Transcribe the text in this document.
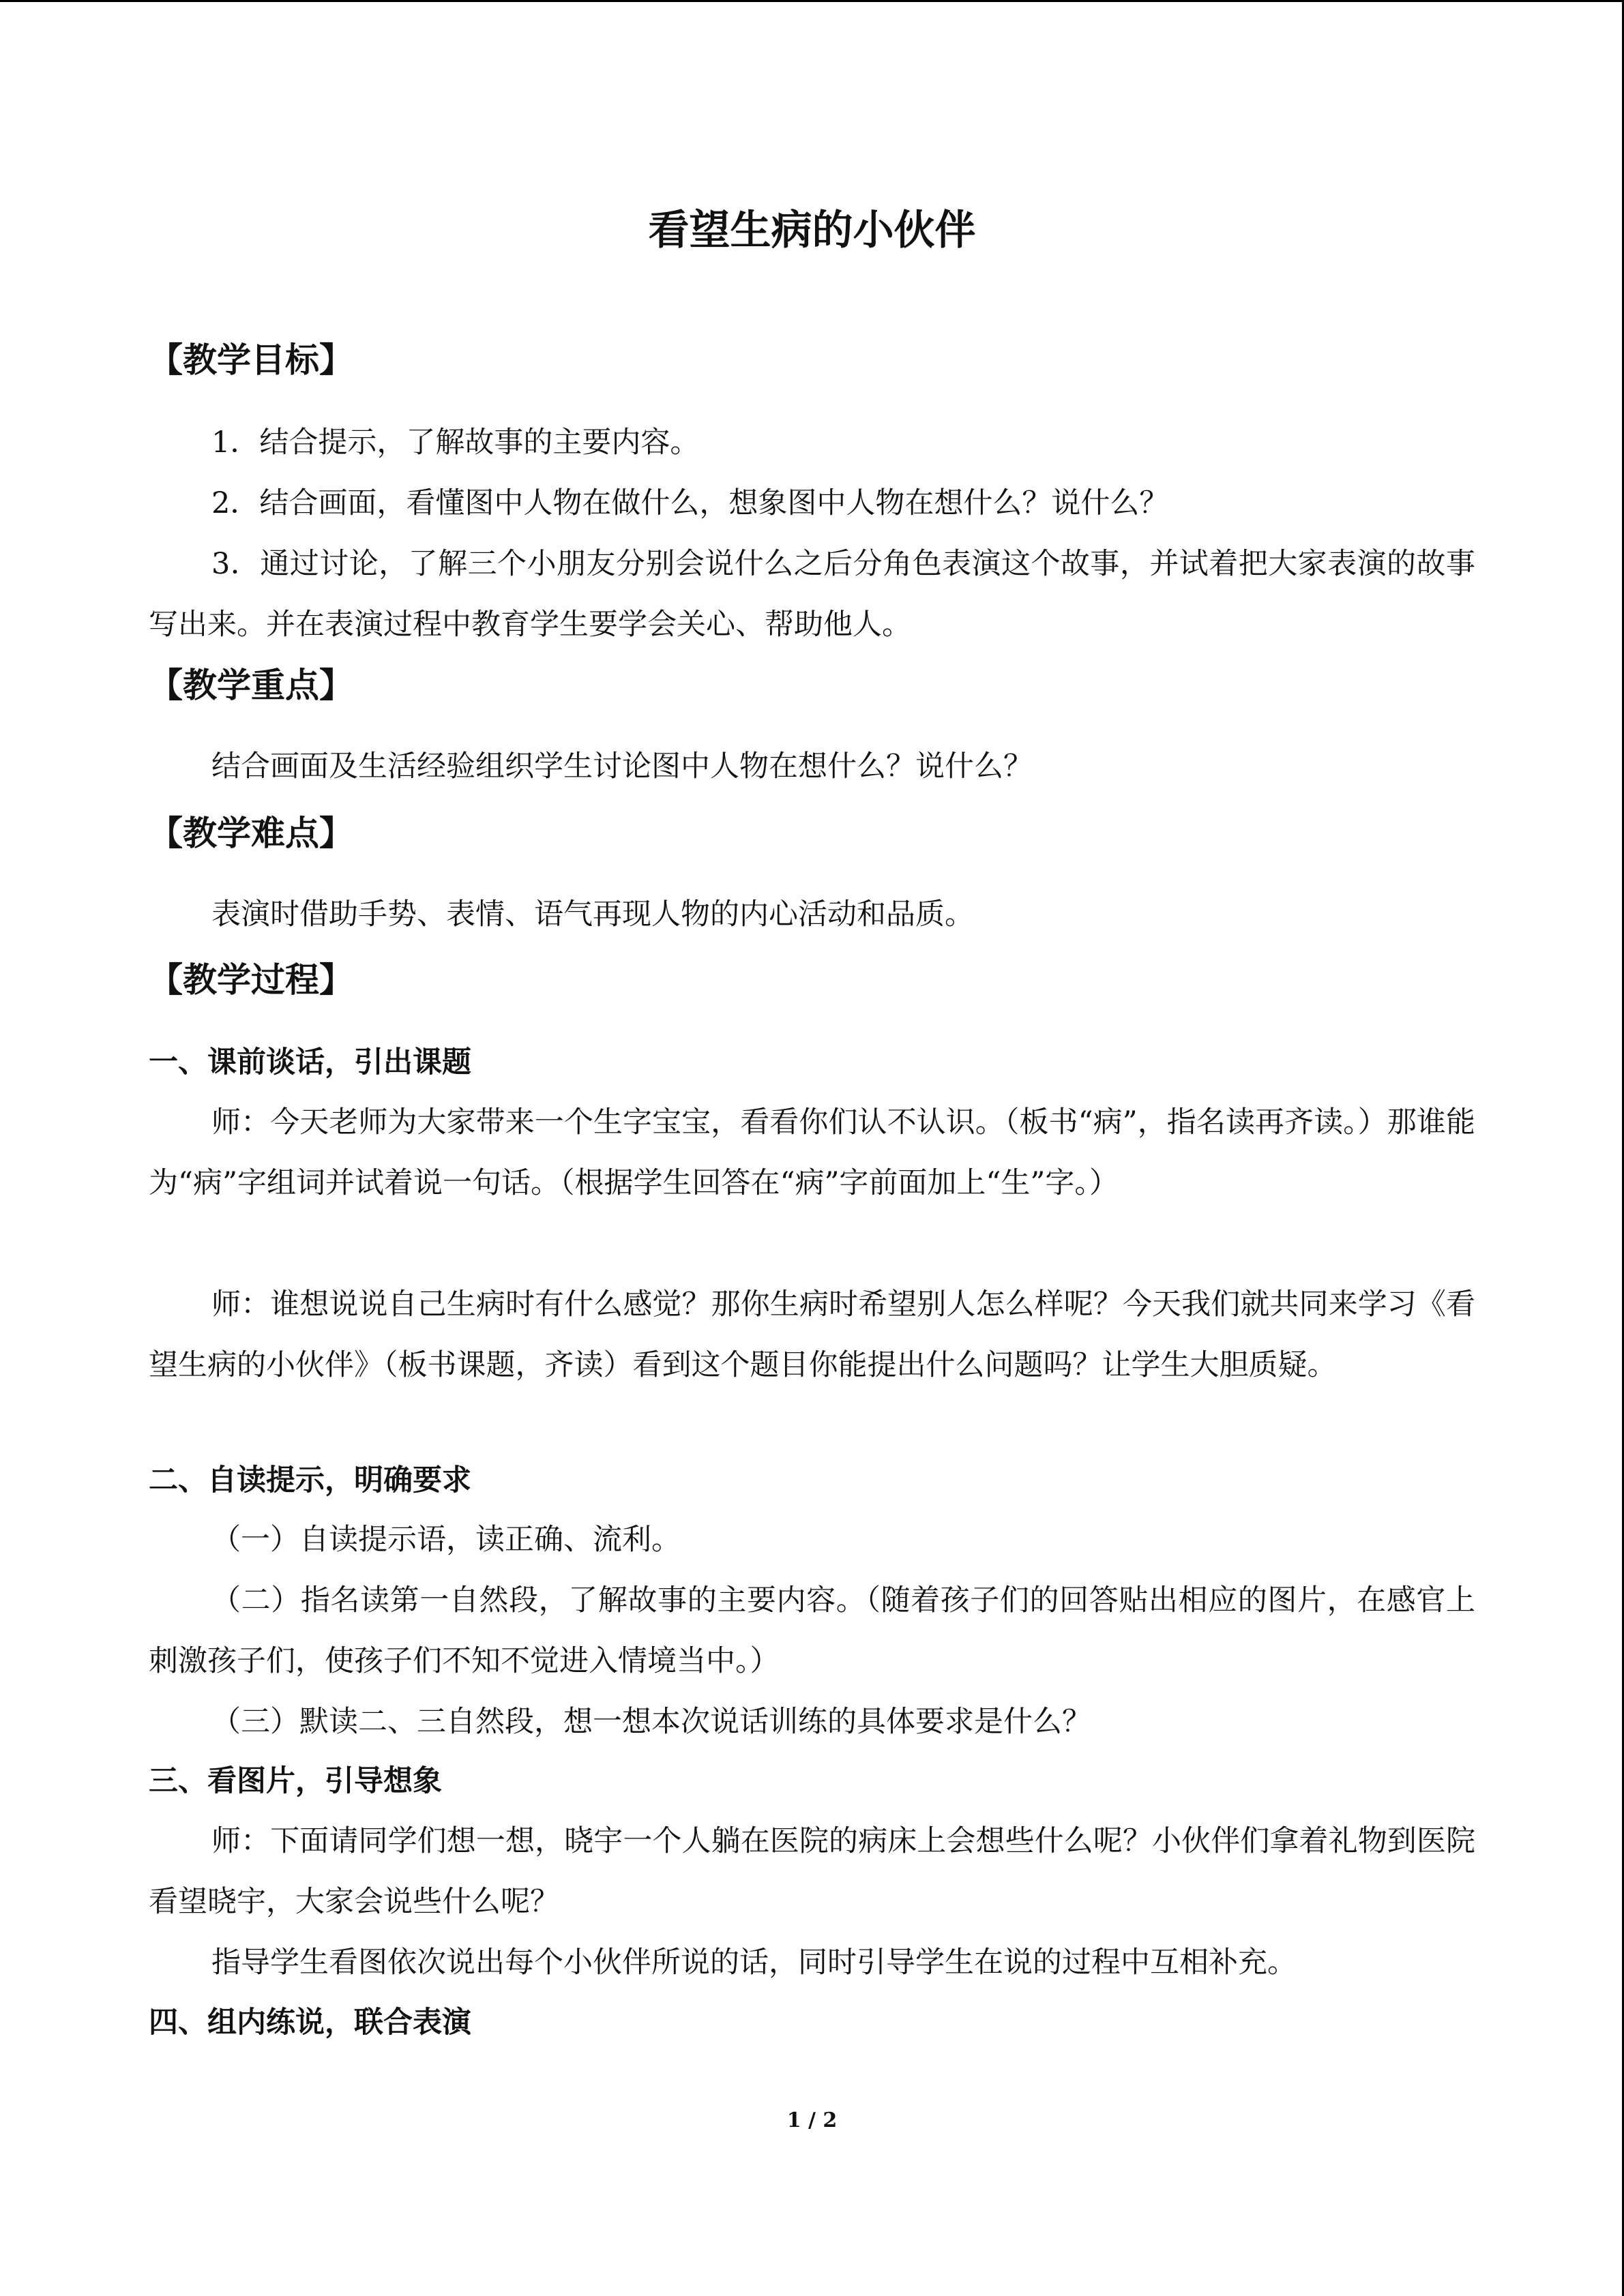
看望生病的小伙伴
【教学目标】
1．结合提示，了解故事的主要内容。
2．结合画面，看懂图中人物在做什么，想象图中人物在想什么？说什么？
3．通过讨论，了解三个小朋友分别会说什么之后分角色表演这个故事，并试着把大家表演的故事写出来。并在表演过程中教育学生要学会关心、帮助他人。
【教学重点】
结合画面及生活经验组织学生讨论图中人物在想什么？说什么？
【教学难点】
表演时借助手势、表情、语气再现人物的内心活动和品质。
【教学过程】
一、课前谈话，引出课题
师：今天老师为大家带来一个生字宝宝，看看你们认不认识。（板书“病”，指名读再齐读。）那谁能为“病”字组词并试着说一句话。（根据学生回答在“病”字前面加上“生”字。）
师：谁想说说自己生病时有什么感觉？那你生病时希望别人怎么样呢？今天我们就共同来学习《看望生病的小伙伴》（板书课题，齐读）看到这个题目你能提出什么问题吗？让学生大胆质疑。
二、自读提示，明确要求
（一）自读提示语，读正确、流利。
（二）指名读第一自然段，了解故事的主要内容。（随着孩子们的回答贴出相应的图片，在感官上刺激孩子们，使孩子们不知不觉进入情境当中。）
（三）默读二、三自然段，想一想本次说话训练的具体要求是什么？
三、看图片，引导想象
师：下面请同学们想一想，晓宇一个人躺在医院的病床上会想些什么呢？小伙伴们拿着礼物到医院看望晓宇，大家会说些什么呢？
指导学生看图依次说出每个小伙伴所说的话，同时引导学生在说的过程中互相补充。
四、组内练说，联合表演
1 / 2
